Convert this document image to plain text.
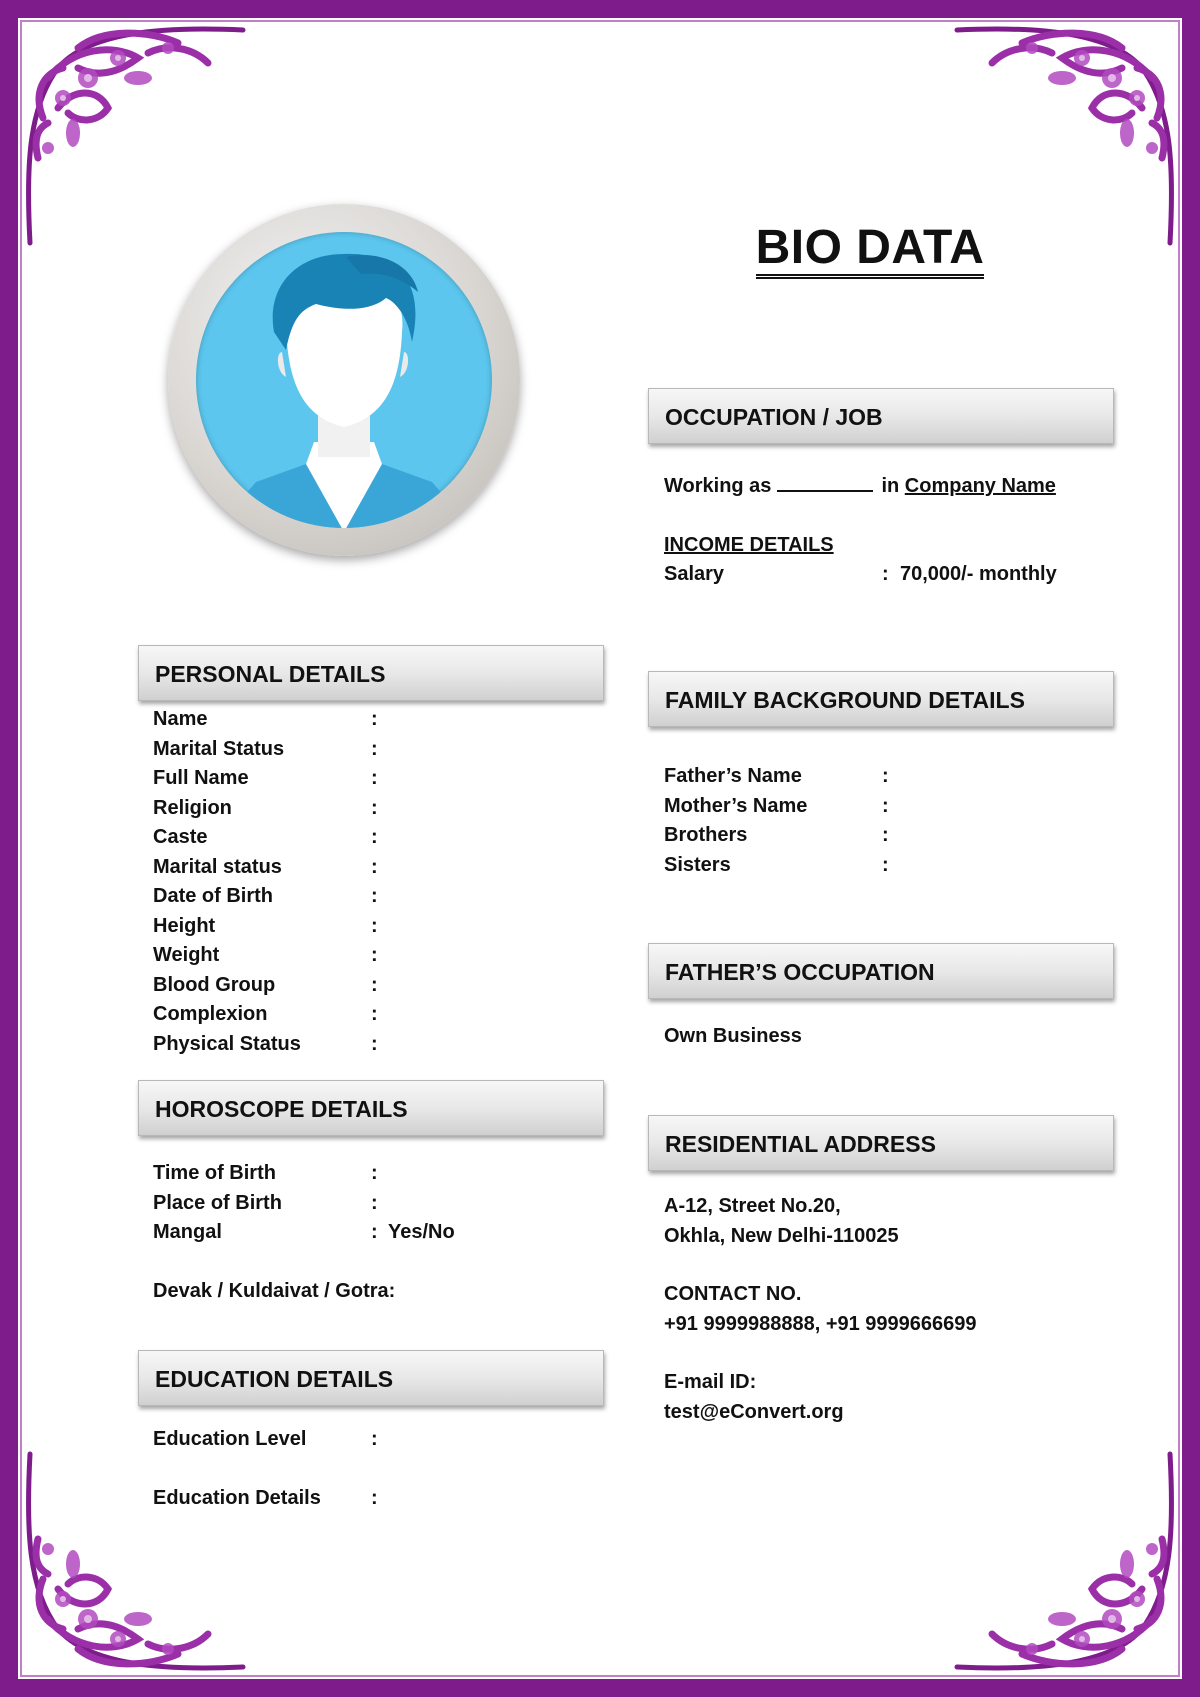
BIO DATA
PERSONAL DETAILS
Name	:
Marital Status	:
Full Name	:
Religion	:
Caste	:
Marital status	:
Date of Birth	:
Height	:
Weight	:
Blood Group	:
Complexion	:
Physical Status	:
HOROSCOPE DETAILS
Time of Birth	:
Place of Birth	:
Mangal	: Yes/No
Devak / Kuldaivat / Gotra:
EDUCATION DETAILS
Education Level	:
Education Details	:
OCCUPATION / JOB
Working as	in Company Name
INCOME DETAILS
Salary	: 70,000/- monthly
FAMILY BACKGROUND DETAILS
Father’s Name	:
Mother’s Name	:
Brothers	:
Sisters	:
FATHER’S OCCUPATION
Own Business
RESIDENTIAL ADDRESS
A-12, Street No.20,
Okhla, New Delhi-110025
CONTACT NO.
+91 9999988888, +91 9999666699
E-mail ID:
test@eConvert.org
